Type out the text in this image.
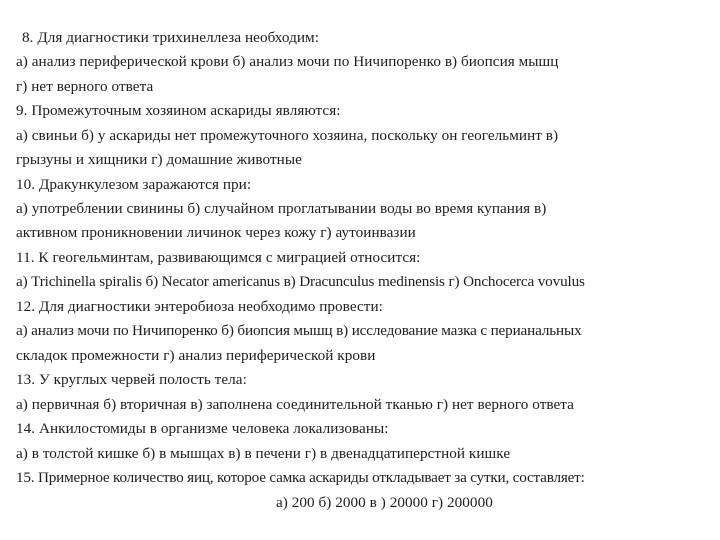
8. Для диагностики трихинеллеза необходим:
а) анализ периферической крови б) анализ мочи по Ничипоренко в) биопсия мышц
г) нет верного ответа
9. Промежуточным хозяином аскариды являются:
а) свиньи б) у аскариды нет промежуточного хозяина, поскольку он геогельминт в)
грызуны и хищники г) домашние животные
10. Дракункулезом заражаются при:
а) употреблении свинины б) случайном проглатывании воды во время купания в)
активном проникновении личинок через кожу г) аутоинвазии
11. К геогельминтам, развивающимся с миграцией относится:
а) Trichinella spiralis б) Necator americanus в) Dracunculus medinensis г) Onchocerca vovulus
12. Для диагностики энтеробиоза необходимо провести:
а) анализ мочи по Ничипоренко б) биопсия мышц в) исследование мазка с перианальных
складок промежности г) анализ периферической крови
13. У круглых червей полость тела:
а) первичная б) вторичная в) заполнена соединительной тканью г) нет верного ответа
14. Анкилостомиды в организме человека локализованы:
а) в толстой кишке б) в мышцах в) в печени г) в двенадцатиперстной кишке
15. Примерное количество яиц, которое самка аскариды откладывает за сутки, составляет:
а) 200 б) 2000 в ) 20000 г) 200000
